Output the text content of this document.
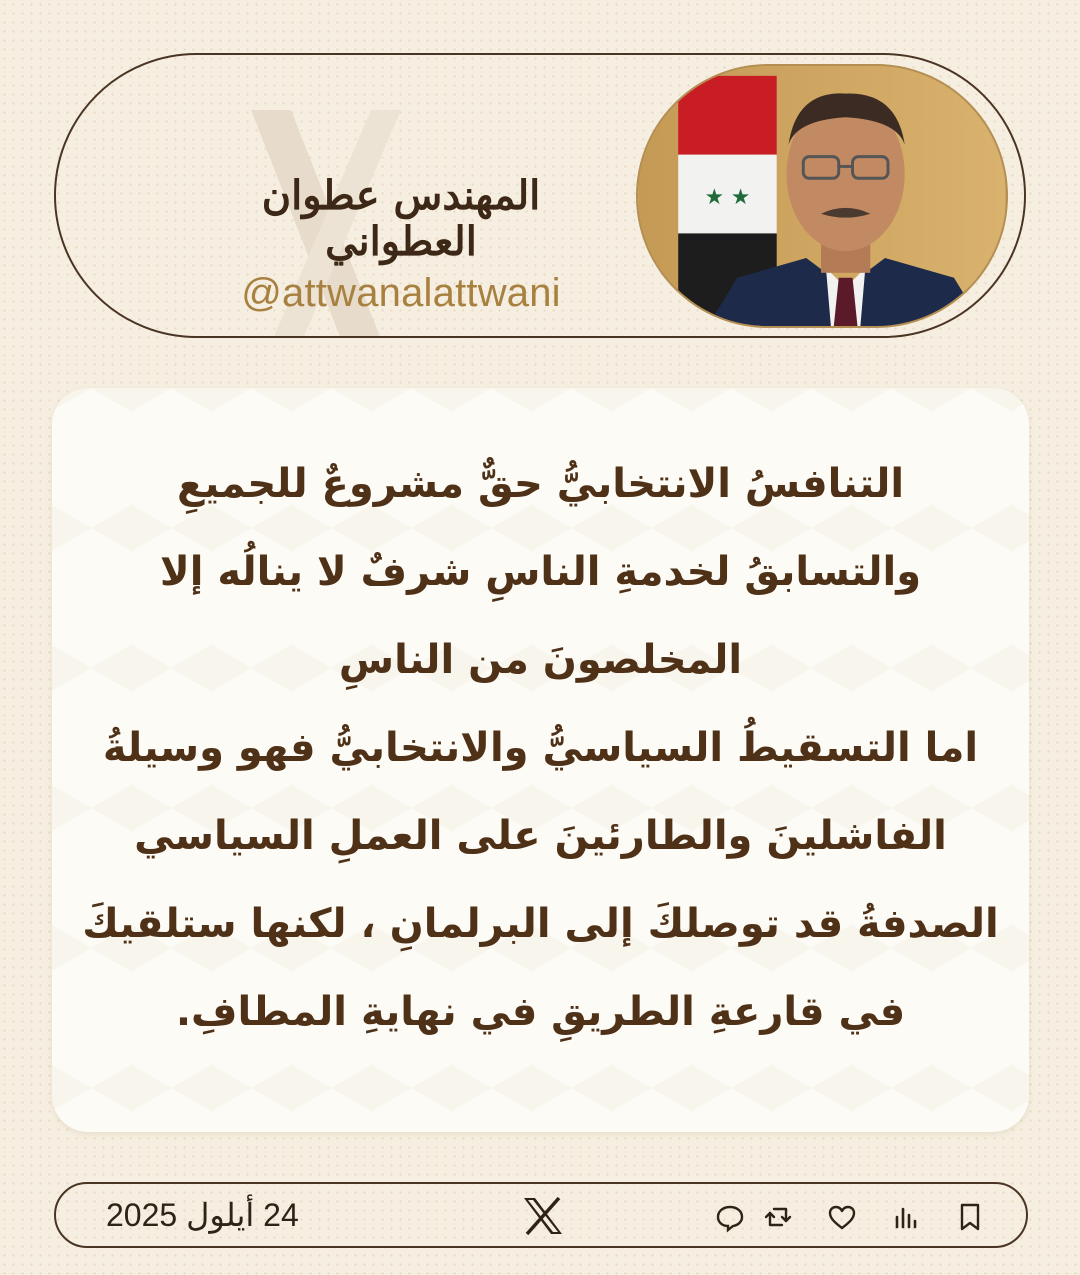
المهندس عطوان العطواني
@attwanalattwani
★ ★
التنافسُ الانتخابيُّ حقٌّ مشروعٌ للجميعِ
والتسابقُ لخدمةِ الناسِ شرفٌ لا ينالُه إلا
المخلصونَ من الناسِ
اما التسقيطُ السياسيُّ والانتخابيُّ فهو وسيلةُ
الفاشلينَ والطارئينَ على العملِ السياسي
الصدفةُ قد توصلكَ إلى البرلمانِ ، لكنها ستلقيكَ
في قارعةِ الطريقِ في نهايةِ المطافِ.
2025 أيلول 24
